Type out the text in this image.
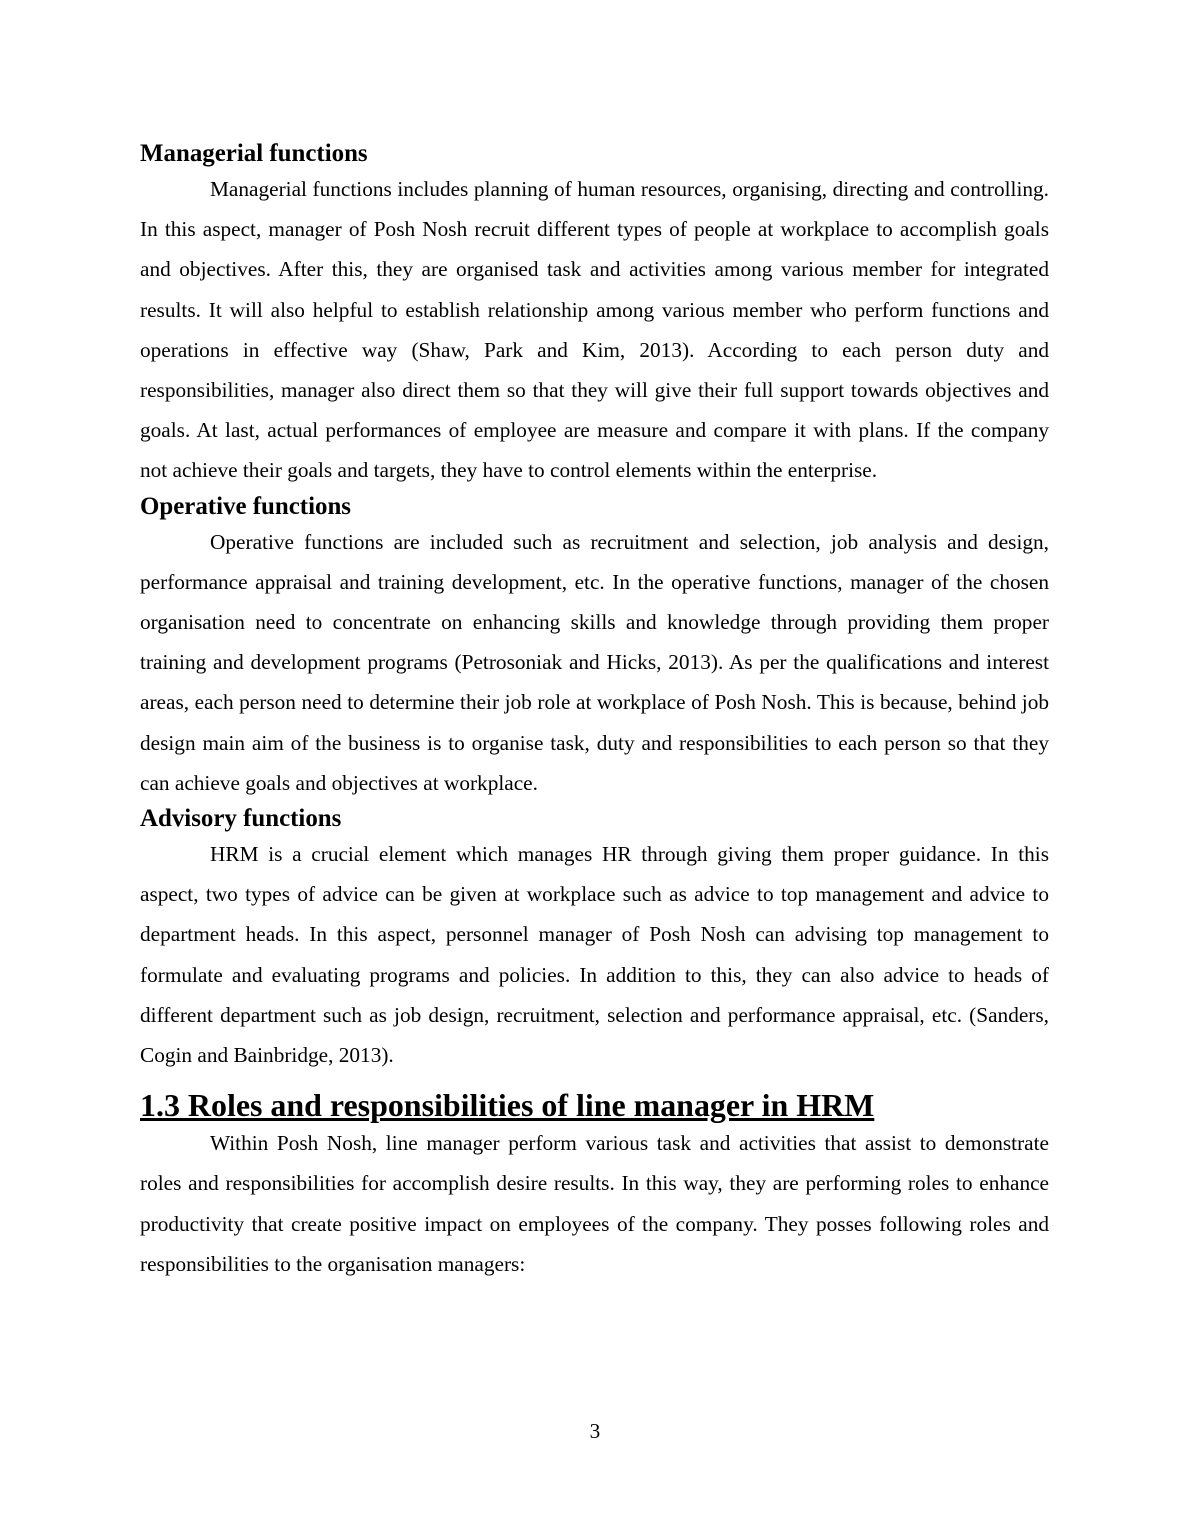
Managerial functions

Managerial functions includes planning of human resources, organising, directing and controlling. In this aspect, manager of Posh Nosh recruit different types of people at workplace to accomplish goals and objectives. After this, they are organised task and activities among various member for integrated results. It will also helpful to establish relationship among various member who perform functions and operations in effective way (Shaw, Park and Kim, 2013). According to each person duty and responsibilities, manager also direct them so that they will give their full support towards objectives and goals. At last, actual performances of employee are measure and compare it with plans. If the company not achieve their goals and targets, they have to control elements within the enterprise.

Operative functions

Operative functions are included such as recruitment and selection, job analysis and design, performance appraisal and training development, etc. In the operative functions, manager of the chosen organisation need to concentrate on enhancing skills and knowledge through providing them proper training and development programs (Petrosoniak and Hicks, 2013). As per the qualifications and interest areas, each person need to determine their job role at workplace of Posh Nosh. This is because, behind job design main aim of the business is to organise task, duty and responsibilities to each person so that they can achieve goals and objectives at workplace.

Advisory functions

HRM is a crucial element which manages HR through giving them proper guidance. In this aspect, two types of advice can be given at workplace such as advice to top management and advice to department heads. In this aspect, personnel manager of Posh Nosh can advising top management to formulate and evaluating programs and policies. In addition to this, they can also advice to heads of different department such as job design, recruitment, selection and performance appraisal, etc. (Sanders, Cogin and Bainbridge, 2013).

1.3 Roles and responsibilities of line manager in HRM

Within Posh Nosh, line manager perform various task and activities that assist to demonstrate roles and responsibilities for accomplish desire results. In this way, they are performing roles to enhance productivity that create positive impact on employees of the company. They posses following roles and responsibilities to the organisation managers:

3
